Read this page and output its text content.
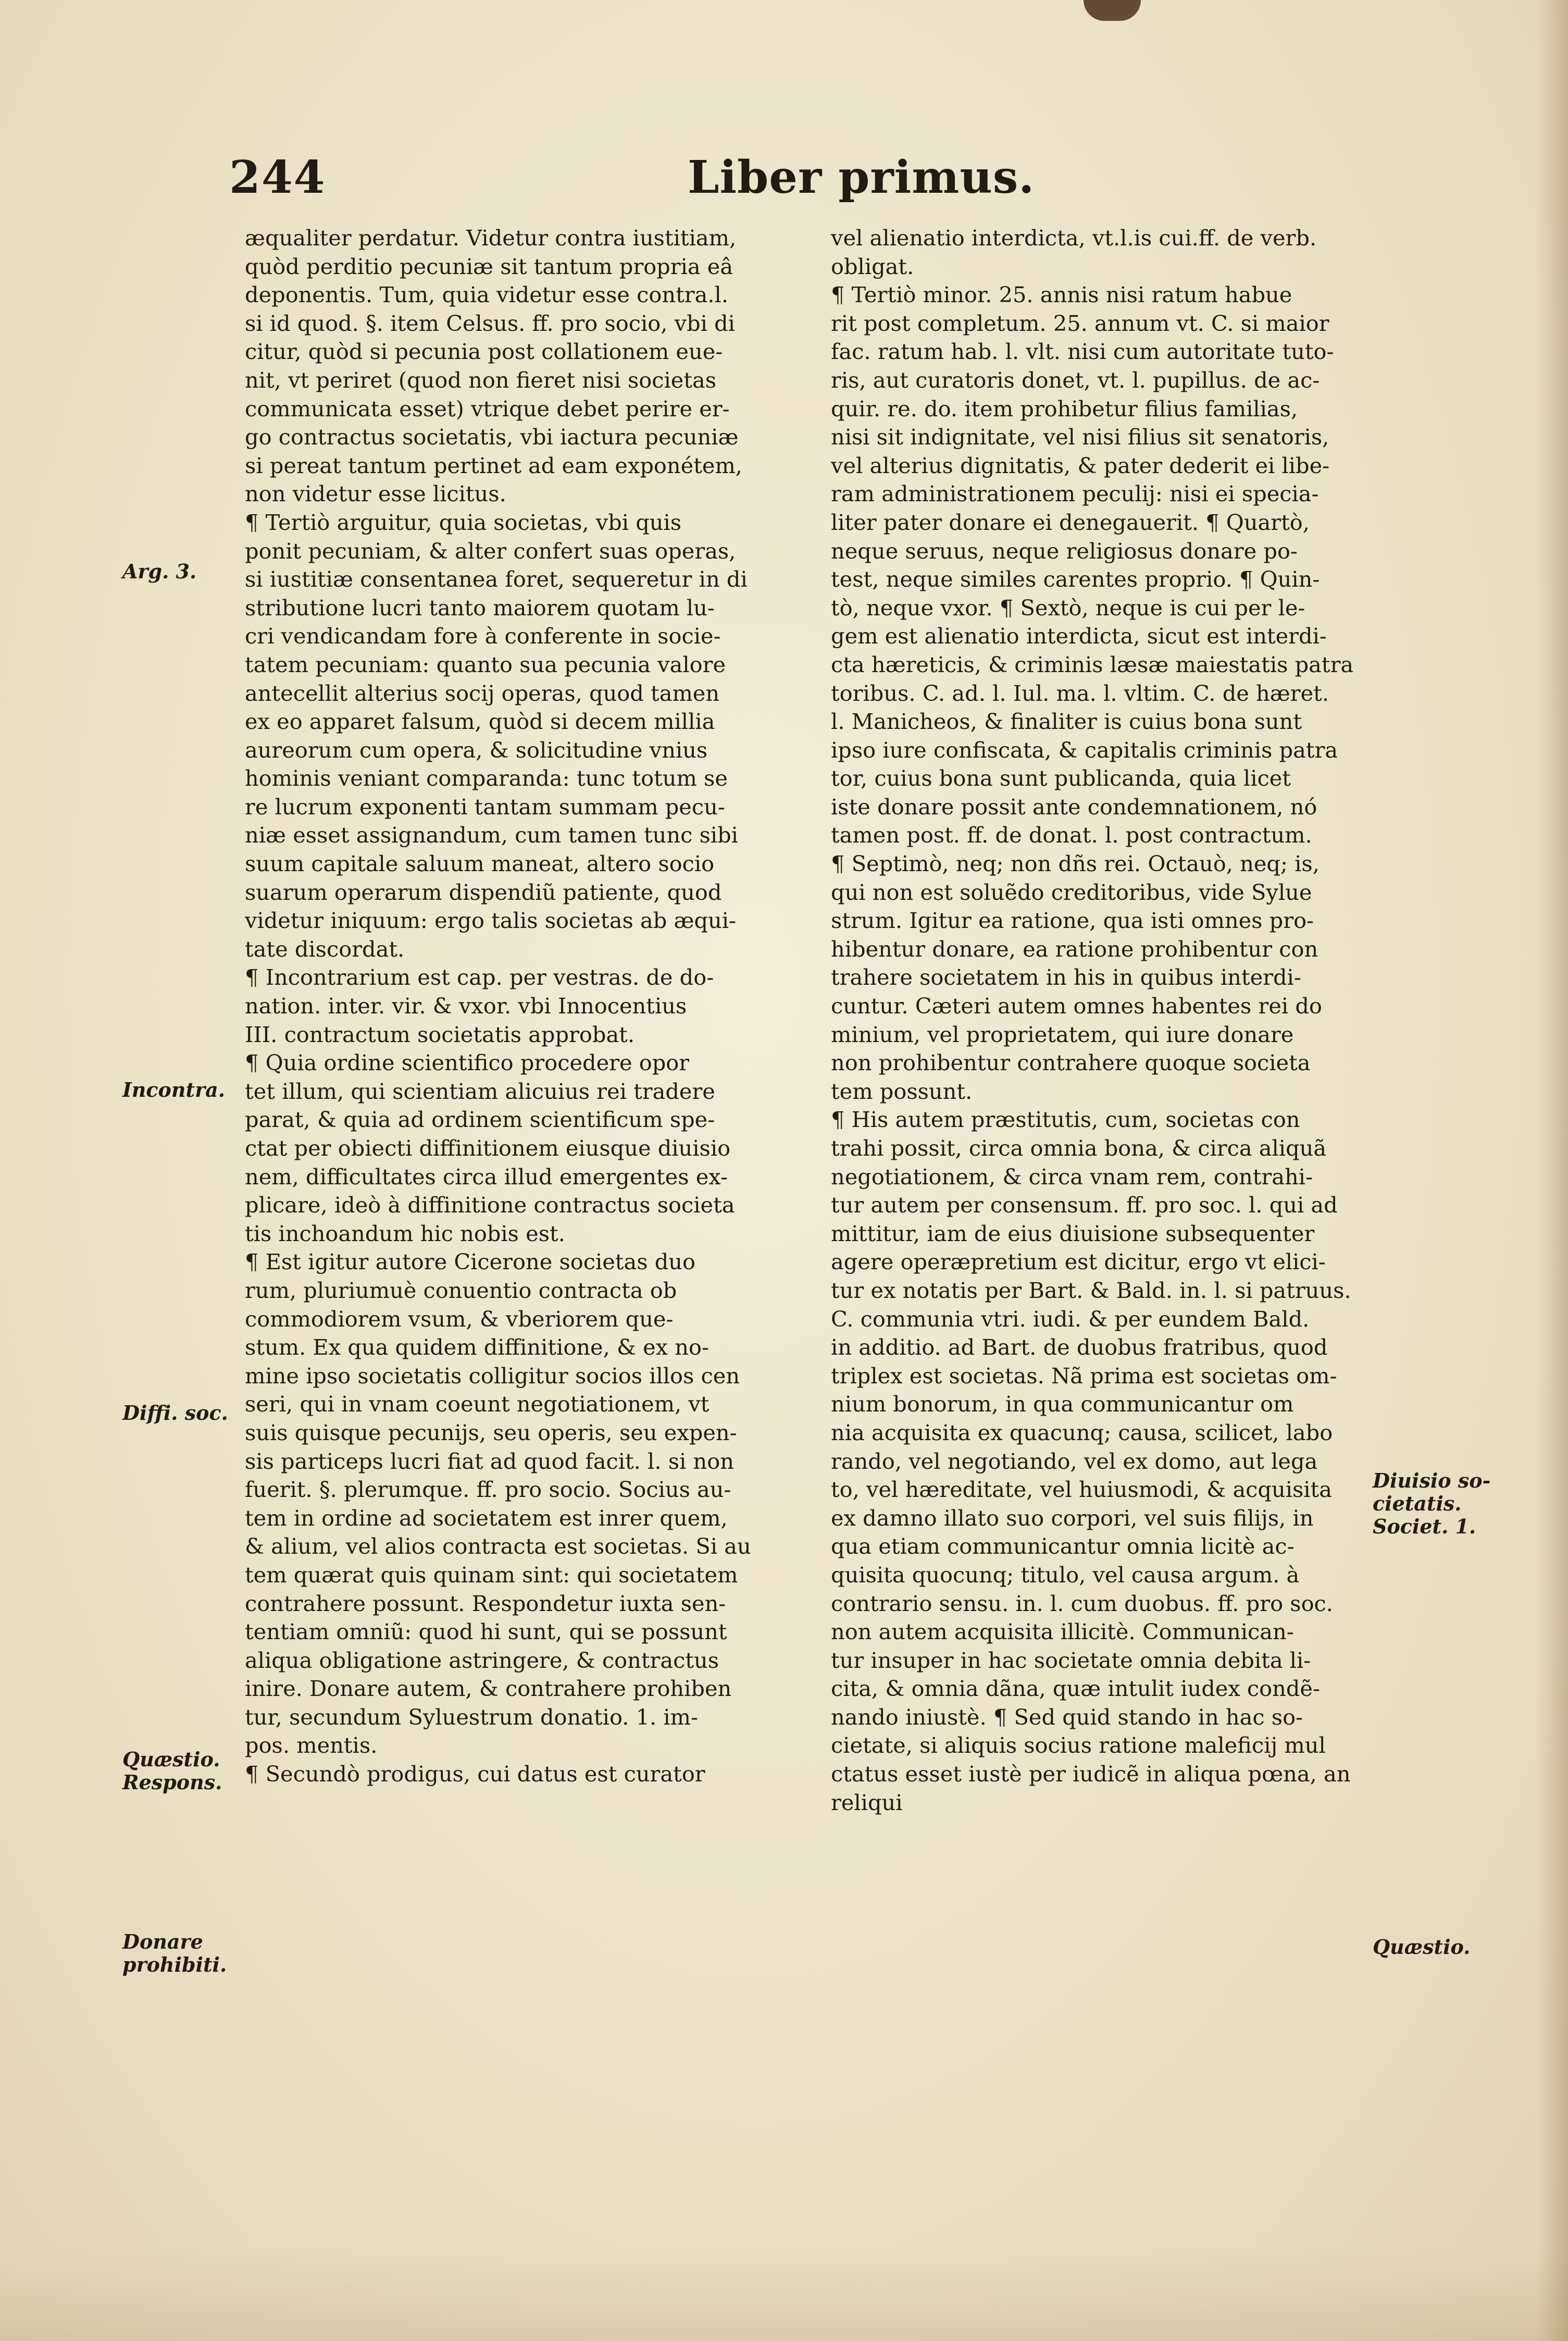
244	Liber primus.
æqualiter perdatur. Videtur contra iustitiam,
quòd perditio pecuniæ sit tantum propria eâ
deponentis. Tum, quia videtur esse contra.l.
si id quod. §. item Celsus. ff. pro socio, vbi di
citur, quòd si pecunia post collationem eue-
nit, vt periret (quod non fieret nisi societas
communicata esset) vtrique debet perire er-
go contractus societatis, vbi iactura pecuniæ
si pereat tantum pertinet ad eam exponétem,
non videtur esse licitus.
¶ Tertiò arguitur, quia societas, vbi quis
ponit pecuniam, & alter confert suas operas,
si iustitiæ consentanea foret, sequeretur in di
stributione lucri tanto maiorem quotam lu-
cri vendicandam fore à conferente in socie-
tatem pecuniam: quanto sua pecunia valore
antecellit alterius socij operas, quod tamen
ex eo apparet falsum, quòd si decem millia
aureorum cum opera, & solicitudine vnius
hominis veniant comparanda: tunc totum se
re lucrum exponenti tantam summam pecu-
niæ esset assignandum, cum tamen tunc sibi
suum capitale saluum maneat, altero socio
suarum operarum dispendiũ patiente, quod
videtur iniquum: ergo talis societas ab æqui-
tate discordat.
¶ Incontrarium est cap. per vestras. de do-
nation. inter. vir. & vxor. vbi Innocentius
III. contractum societatis approbat.
¶ Quia ordine scientifico procedere opor
tet illum, qui scientiam alicuius rei tradere
parat, & quia ad ordinem scientificum spe-
ctat per obiecti diffinitionem eiusque diuisio
nem, difficultates circa illud emergentes ex-
plicare, ideò à diffinitione contractus societa
tis inchoandum hic nobis est.
¶ Est igitur autore Cicerone societas duo
rum, pluriumuè conuentio contracta ob
commodiorem vsum, & vberiorem que-
stum. Ex qua quidem diffinitione, & ex no-
mine ipso societatis colligitur socios illos cen
seri, qui in vnam coeunt negotiationem, vt
suis quisque pecunijs, seu operis, seu expen-
sis particeps lucri fiat ad quod facit. l. si non
fuerit. §. plerumque. ff. pro socio. Socius au-
tem in ordine ad societatem est inrer quem,
& alium, vel alios contracta est societas. Si au
tem quærat quis quinam sint: qui societatem
contrahere possunt. Respondetur iuxta sen-
tentiam omniũ: quod hi sunt, qui se possunt
aliqua obligatione astringere, & contractus
inire. Donare autem, & contrahere prohiben
tur, secundum Syluestrum donatio. 1. im-
pos. mentis.
¶ Secundò prodigus, cui datus est curator
vel alienatio interdicta, vt.l.is cui.ff. de verb.
obligat.
¶ Tertiò minor. 25. annis nisi ratum habue
rit post completum. 25. annum vt. C. si maior
fac. ratum hab. l. vlt. nisi cum autoritate tuto-
ris, aut curatoris donet, vt. l. pupillus. de ac-
quir. re. do. item prohibetur filius familias,
nisi sit indignitate, vel nisi filius sit senatoris,
vel alterius dignitatis, & pater dederit ei libe-
ram administrationem peculij: nisi ei specia-
liter pater donare ei denegauerit. ¶ Quartò,
neque seruus, neque religiosus donare po-
test, neque similes carentes proprio. ¶ Quin-
tò, neque vxor. ¶ Sextò, neque is cui per le-
gem est alienatio interdicta, sicut est interdi-
cta hæreticis, & criminis læsæ maiestatis patra
toribus. C. ad. l. Iul. ma. l. vltim. C. de hæret.
l. Manicheos, & finaliter is cuius bona sunt
ipso iure confiscata, & capitalis criminis patra
tor, cuius bona sunt publicanda, quia licet
iste donare possit ante condemnationem, nó
tamen post. ff. de donat. l. post contractum.
¶ Septimò, neq; non dñs rei. Octauò, neq; is,
qui non est soluẽdo creditoribus, vide Sylue
strum. Igitur ea ratione, qua isti omnes pro-
hibentur donare, ea ratione prohibentur con
trahere societatem in his in quibus interdi-
cuntur. Cæteri autem omnes habentes rei do
minium, vel proprietatem, qui iure donare
non prohibentur contrahere quoque societa
tem possunt.
¶ His autem præstitutis, cum, societas con
trahi possit, circa omnia bona, & circa aliquã
negotiationem, & circa vnam rem, contrahi-
tur autem per consensum. ff. pro soc. l. qui ad
mittitur, iam de eius diuisione subsequenter
agere operæpretium est dicitur, ergo vt elici-
tur ex notatis per Bart. & Bald. in. l. si patruus.
C. communia vtri. iudi. & per eundem Bald.
in additio. ad Bart. de duobus fratribus, quod
triplex est societas. Nã prima est societas om-
nium bonorum, in qua communicantur om
nia acquisita ex quacunq; causa, scilicet, labo
rando, vel negotiando, vel ex domo, aut lega
to, vel hæreditate, vel huiusmodi, & acquisita
ex damno illato suo corpori, vel suis filijs, in
qua etiam communicantur omnia licitè ac-
quisita quocunq; titulo, vel causa argum. à
contrario sensu. in. l. cum duobus. ff. pro soc.
non autem acquisita illicitè. Communican-
tur insuper in hac societate omnia debita li-
cita, & omnia dãna, quæ intulit iudex condẽ-
nando iniustè. ¶ Sed quid stando in hac so-
cietate, si aliquis socius ratione maleficij mul
ctatus esset iustè per iudicẽ in aliqua pœna, an
reliqui
Arg. 3.
Incontra.
Diffi. soc.
Quæstio.
Respons.
Donare
prohibiti.
Diuisio so-
cietatis.
Societ. 1.
Quæstio.
